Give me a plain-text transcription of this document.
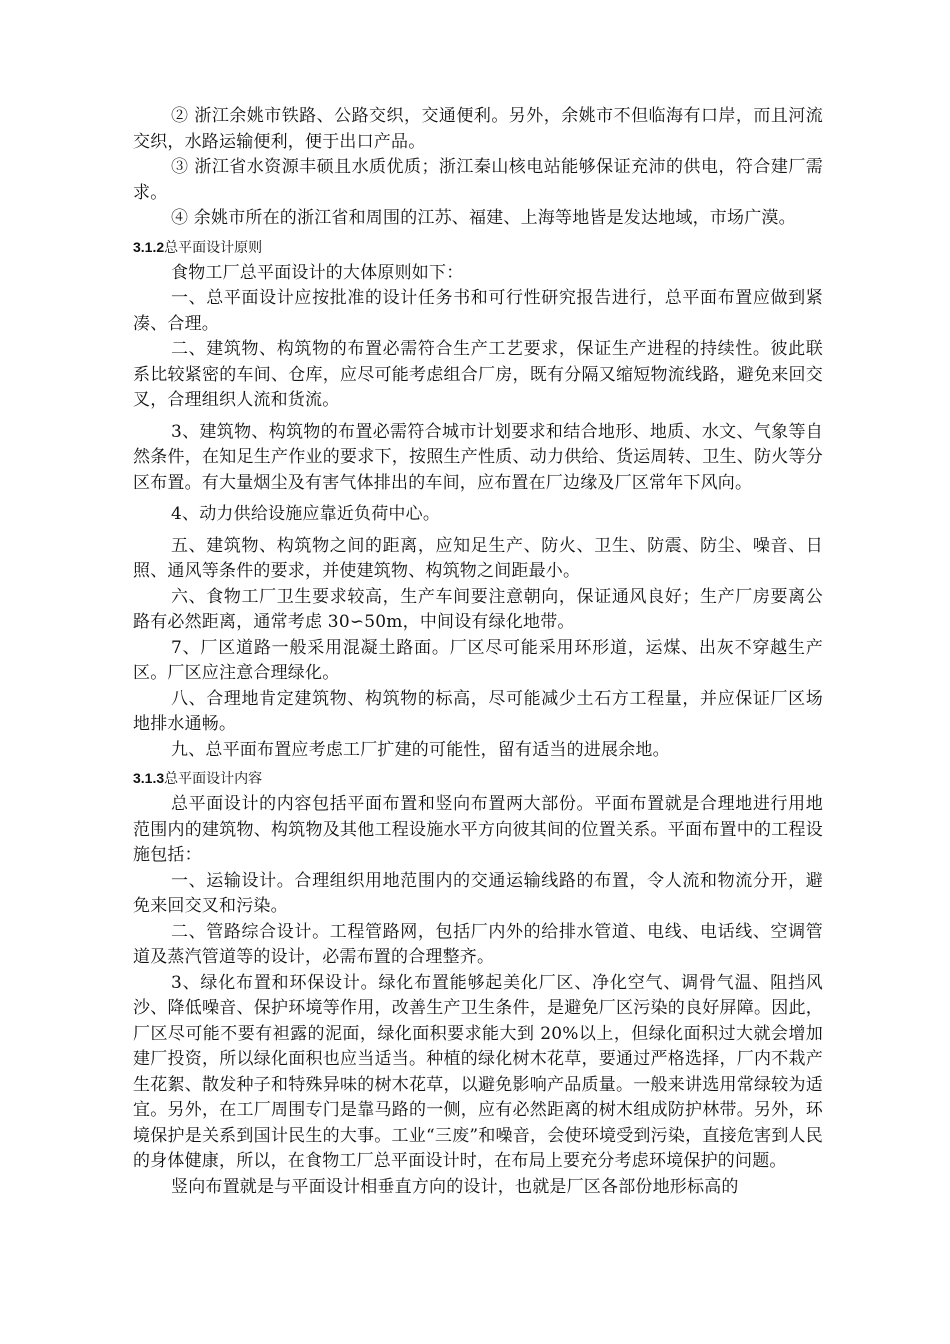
② 浙江余姚市铁路、公路交织，交通便利。另外，余姚市不但临海有口岸，而且河流交织，水路运输便利，便于出口产品。

③ 浙江省水资源丰硕且水质优质；浙江秦山核电站能够保证充沛的供电，符合建厂需求。

④ 余姚市所在的浙江省和周围的江苏、福建、上海等地皆是发达地域，市场广漠。

3.1.2总平面设计原则

食物工厂总平面设计的大体原则如下：

一、总平面设计应按批准的设计任务书和可行性研究报告进行，总平面布置应做到紧凑、合理。

二、建筑物、构筑物的布置必需符合生产工艺要求，保证生产进程的持续性。彼此联系比较紧密的车间、仓库，应尽可能考虑组合厂房，既有分隔又缩短物流线路，避免来回交叉，合理组织人流和货流。

3、建筑物、构筑物的布置必需符合城市计划要求和结合地形、地质、水文、气象等自然条件，在知足生产作业的要求下，按照生产性质、动力供给、货运周转、卫生、防火等分区布置。有大量烟尘及有害气体排出的车间，应布置在厂边缘及厂区常年下风向。

4、动力供给设施应靠近负荷中心。

五、建筑物、构筑物之间的距离，应知足生产、防火、卫生、防震、防尘、噪音、日照、通风等条件的要求，并使建筑物、构筑物之间距最小。

六、食物工厂卫生要求较高，生产车间要注意朝向，保证通风良好；生产厂房要离公路有必然距离，通常考虑 30∽50m，中间设有绿化地带。

7、厂区道路一般采用混凝土路面。厂区尽可能采用环形道，运煤、出灰不穿越生产区。厂区应注意合理绿化。

八、合理地肯定建筑物、构筑物的标高，尽可能减少土石方工程量，并应保证厂区场地排水通畅。

九、总平面布置应考虑工厂扩建的可能性，留有适当的进展余地。

3.1.3总平面设计内容

总平面设计的内容包括平面布置和竖向布置两大部份。平面布置就是合理地进行用地范围内的建筑物、构筑物及其他工程设施水平方向彼其间的位置关系。平面布置中的工程设施包括：

一、运输设计。合理组织用地范围内的交通运输线路的布置，令人流和物流分开，避免来回交叉和污染。

二、管路综合设计。工程管路网，包括厂内外的给排水管道、电线、电话线、空调管道及蒸汽管道等的设计，必需布置的合理整齐。

3、绿化布置和环保设计。绿化布置能够起美化厂区、净化空气、调骨气温、阻挡风沙、降低噪音、保护环境等作用，改善生产卫生条件，是避免厂区污染的良好屏障。因此，厂区尽可能不要有袒露的泥面，绿化面积要求能大到 20%以上，但绿化面积过大就会增加建厂投资，所以绿化面积也应当适当。种植的绿化树木花草，要通过严格选择，厂内不栽产生花絮、散发种子和特殊异味的树木花草，以避免影响产品质量。一般来讲选用常绿较为适宜。另外，在工厂周围专门是靠马路的一侧，应有必然距离的树木组成防护林带。另外，环境保护是关系到国计民生的大事。工业“三废”和噪音，会使环境受到污染，直接危害到人民的身体健康，所以，在食物工厂总平面设计时，在布局上要充分考虑环境保护的问题。

竖向布置就是与平面设计相垂直方向的设计，也就是厂区各部份地形标高的
